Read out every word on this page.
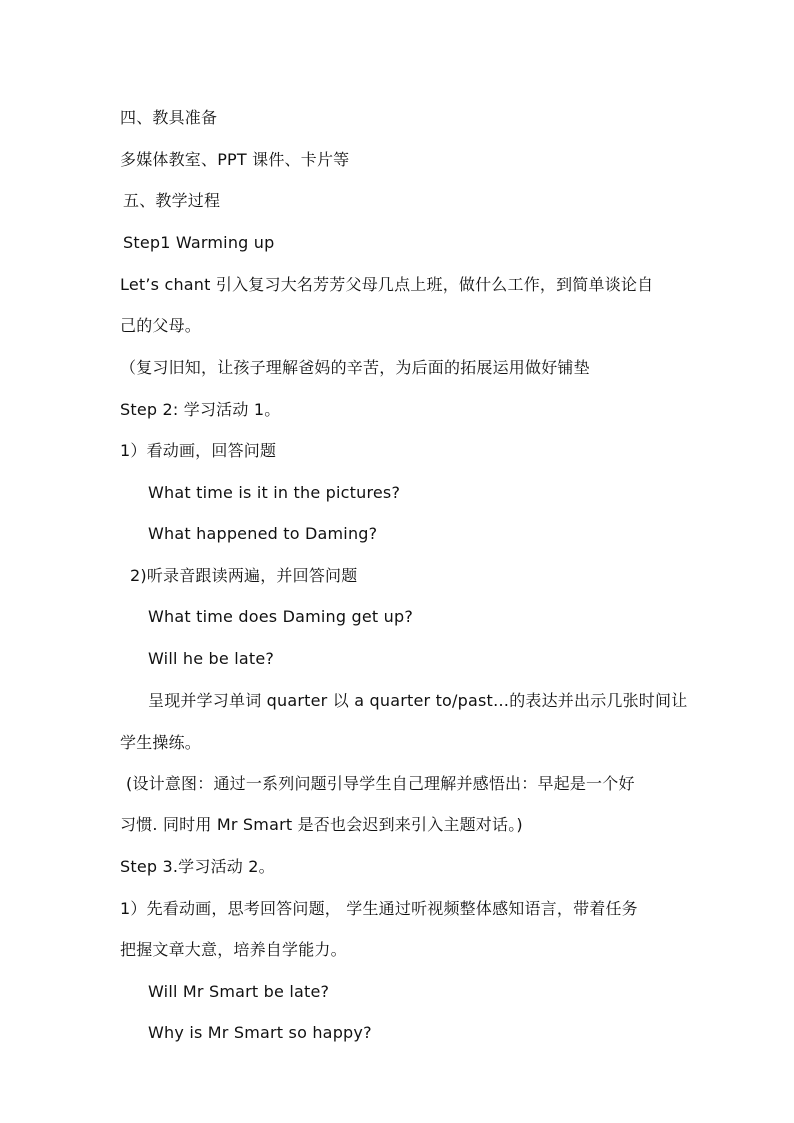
四、教具准备
多媒体教室、PPT 课件、卡片等
五、教学过程
Step1 Warming up
Let’s chant 引入复习大名芳芳父母几点上班，做什么工作，到简单谈论自
己的父母。
（复习旧知，让孩子理解爸妈的辛苦，为后面的拓展运用做好铺垫
Step 2: 学习活动 1。
1）看动画，回答问题
What time is it in the pictures?
What happened to Daming?
2)听录音跟读两遍，并回答问题
What time does Daming get up?
Will he be late?
呈现并学习单词 quarter 以 a quarter to/past…的表达并出示几张时间让
学生操练。
(设计意图：通过一系列问题引导学生自己理解并感悟出：早起是一个好
习惯. 同时用 Mr Smart 是否也会迟到来引入主题对话。)
Step 3.学习活动 2。
1）先看动画，思考回答问题， 学生通过听视频整体感知语言，带着任务
把握文章大意，培养自学能力。
Will Mr Smart be late?
Why is Mr Smart so happy?
